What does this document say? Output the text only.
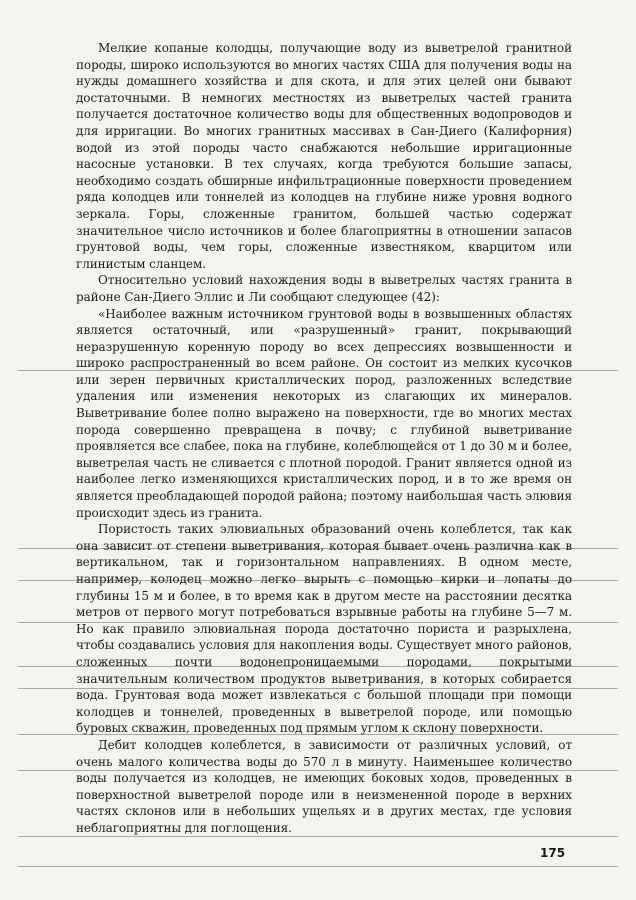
Мелкие копаные колодцы, получающие воду из выветрелой гранитной породы, широко используются во многих частях США для получения воды на нужды домашнего хозяйства и для скота, и для этих целей они бывают достаточными. В немногих местностях из выветрелых частей гранита получается достаточное количество воды для общественных водопроводов и для ирригации. Во многих гранитных массивах в Сан-Диего (Калифорния) водой из этой породы часто снабжаются небольшие ирригационные насосные установки. В тех случаях, когда требуются большие запасы, необходимо создать обширные инфильтрационные поверхности проведением ряда колодцев или тоннелей из колодцев на глубине ниже уровня водного зеркала. Горы, сложенные гранитом, большей частью содержат значительное число источников и более благоприятны в отношении запасов грунтовой воды, чем горы, сложенные известняком, кварцитом или глинистым сланцем.

Относительно условий нахождения воды в выветрелых частях гранита в районе Сан-Диего Эллис и Ли сообщают следующее (42):

«Наиболее важным источником грунтовой воды в возвышенных областях является остаточный, или «разрушенный» гранит, покрывающий неразрушенную коренную породу во всех депрессиях возвышенности и широко распространенный во всем районе. Он состоит из мелких кусочков или зерен первичных кристаллических пород, разложенных вследствие удаления или изменения некоторых из слагающих их минералов. Выветривание более полно выражено на поверхности, где во многих местах порода совершенно превращена в почву; с глубиной выветривание проявляется все слабее, пока на глубине, колеблющейся от 1 до 30 м и более, выветрелая часть не сливается с плотной породой. Гранит является одной из наиболее легко изменяющихся кристаллических пород, и в то же время он является преобладающей породой района; поэтому наибольшая часть элювия происходит здесь из гранита.

Пористость таких элювиальных образований очень колеблется, так как она зависит от степени выветривания, которая бывает очень различна как в вертикальном, так и горизонтальном направлениях. В одном месте, например, колодец можно легко вырыть с помощью кирки и лопаты до глубины 15 м и более, в то время как в другом месте на расстоянии десятка метров от первого могут потребоваться взрывные работы на глубине 5—7 м. Но как правило элювиальная порода достаточно пориста и разрыхлена, чтобы создавались условия для накопления воды. Существует много районов, сложенных почти водонепроницаемыми породами, покрытыми значительным количеством продуктов выветривания, в которых собирается вода. Грунтовая вода может извлекаться с большой площади при помощи колодцев и тоннелей, проведенных в выветрелой породе, или помощью буровых скважин, проведенных под прямым углом к склону поверхности.

Дебит колодцев колеблется, в зависимости от различных условий, от очень малого количества воды до 570 л в минуту. Наименьшее количество воды получается из колодцев, не имеющих боковых ходов, проведенных в поверхностной выветрелой породе или в неизмененной породе в верхних частях склонов или в небольших ущельях и в других местах, где условия неблагоприятны для поглощения.

175
